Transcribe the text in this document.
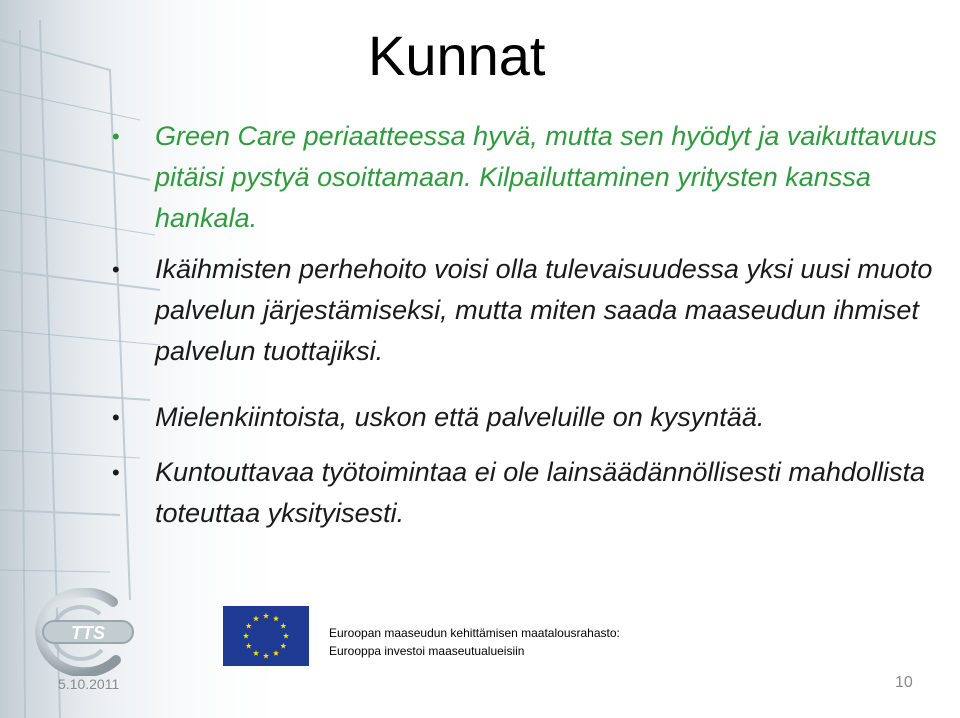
Kunnat
• Green Care periaatteessa hyvä, mutta sen hyödyt ja vaikuttavuus pitäisi pystyä osoittamaan. Kilpailuttaminen yritysten kanssa hankala.
• Ikäihmisten perhehoito voisi olla tulevaisuudessa yksi uusi muoto palvelun järjestämiseksi, mutta miten saada maaseudun ihmiset palvelun tuottajiksi.
• Mielenkiintoista, uskon että palveluille on kysyntää.
• Kuntouttavaa työtoimintaa ei ole lainsäädännöllisesti mahdollista toteuttaa yksityisesti.
TTS	Euroopan maaseudun kehittämisen maatalousrahasto:
Eurooppa investoi maaseutualueisiin
5.10.2011	10
